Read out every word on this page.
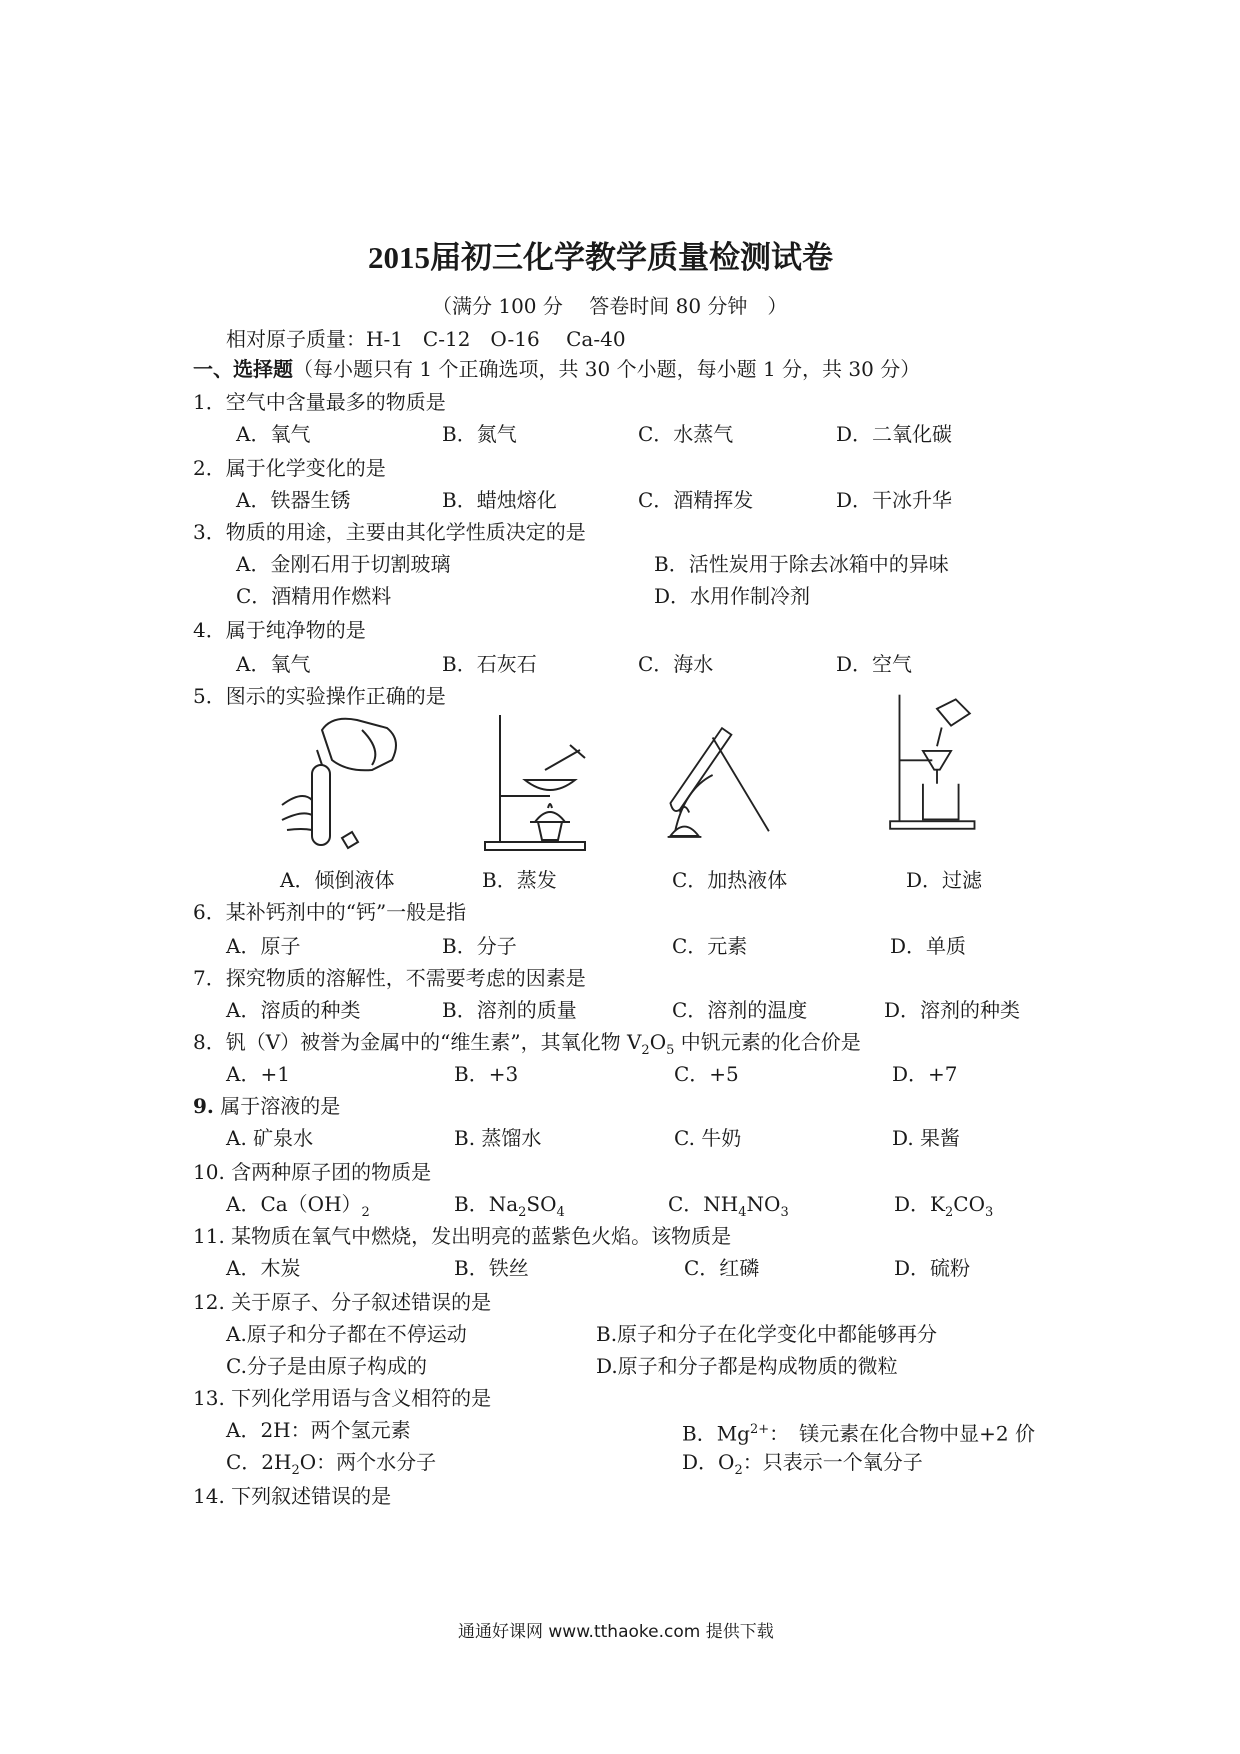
2015届初三化学教学质量检测试卷
（满分 100 分　 答卷时间 80 分钟　）
相对原子质量：H-1　C-12　O-16　 Ca-40
一、选择题（每小题只有 1 个正确选项，共 30 个小题，每小题 1 分，共 30 分）
1．空气中含量最多的物质是
A．氧气	B．氮气	C．水蒸气	D．二氧化碳
2．属于化学变化的是
A．铁器生锈	B．蜡烛熔化	C．酒精挥发	D．干冰升华
3．物质的用途，主要由其化学性质决定的是
A．金刚石用于切割玻璃	B．活性炭用于除去冰箱中的异味
C．酒精用作燃料	D．水用作制冷剂
4．属于纯净物的是
A．氧气	B．石灰石	C．海水	D．空气
5．图示的实验操作正确的是
A．倾倒液体	B．蒸发	C．加热液体	D．过滤
6．某补钙剂中的“钙”一般是指
A．原子	B．分子	C．元素	D．单质
7．探究物质的溶解性，不需要考虑的因素是
A．溶质的种类	B．溶剂的质量	C．溶剂的温度	D．溶剂的种类
8．钒（V）被誉为金属中的“维生素”，其氧化物 $V_2O_5$ 中钒元素的化合价是
A．+1	B．+3	C．+5	D．+7
9. 属于溶液的是
A. 矿泉水	B. 蒸馏水	C. 牛奶	D. 果酱
10. 含两种原子团的物质是
A．$Ca(OH)_2$	B．$Na_2SO_4$	C．$NH_4NO_3$	D．$K_2CO_3$
11. 某物质在氧气中燃烧，发出明亮的蓝紫色火焰。该物质是
A．木炭	B．铁丝	C．红磷	D．硫粉
12. 关于原子、分子叙述错误的是
A.原子和分子都在不停运动	B.原子和分子在化学变化中都能够再分
C.分子是由原子构成的	D.原子和分子都是构成物质的微粒
13. 下列化学用语与含义相符的是
A．2H：两个氢元素	B．$Mg^{2+}$：　镁元素在化合物中显+2 价
C．$2H_2O$：两个水分子	D．$O_2$：只表示一个氧分子
14. 下列叙述错误的是
通通好课网 www.tthaoke.com 提供下载
